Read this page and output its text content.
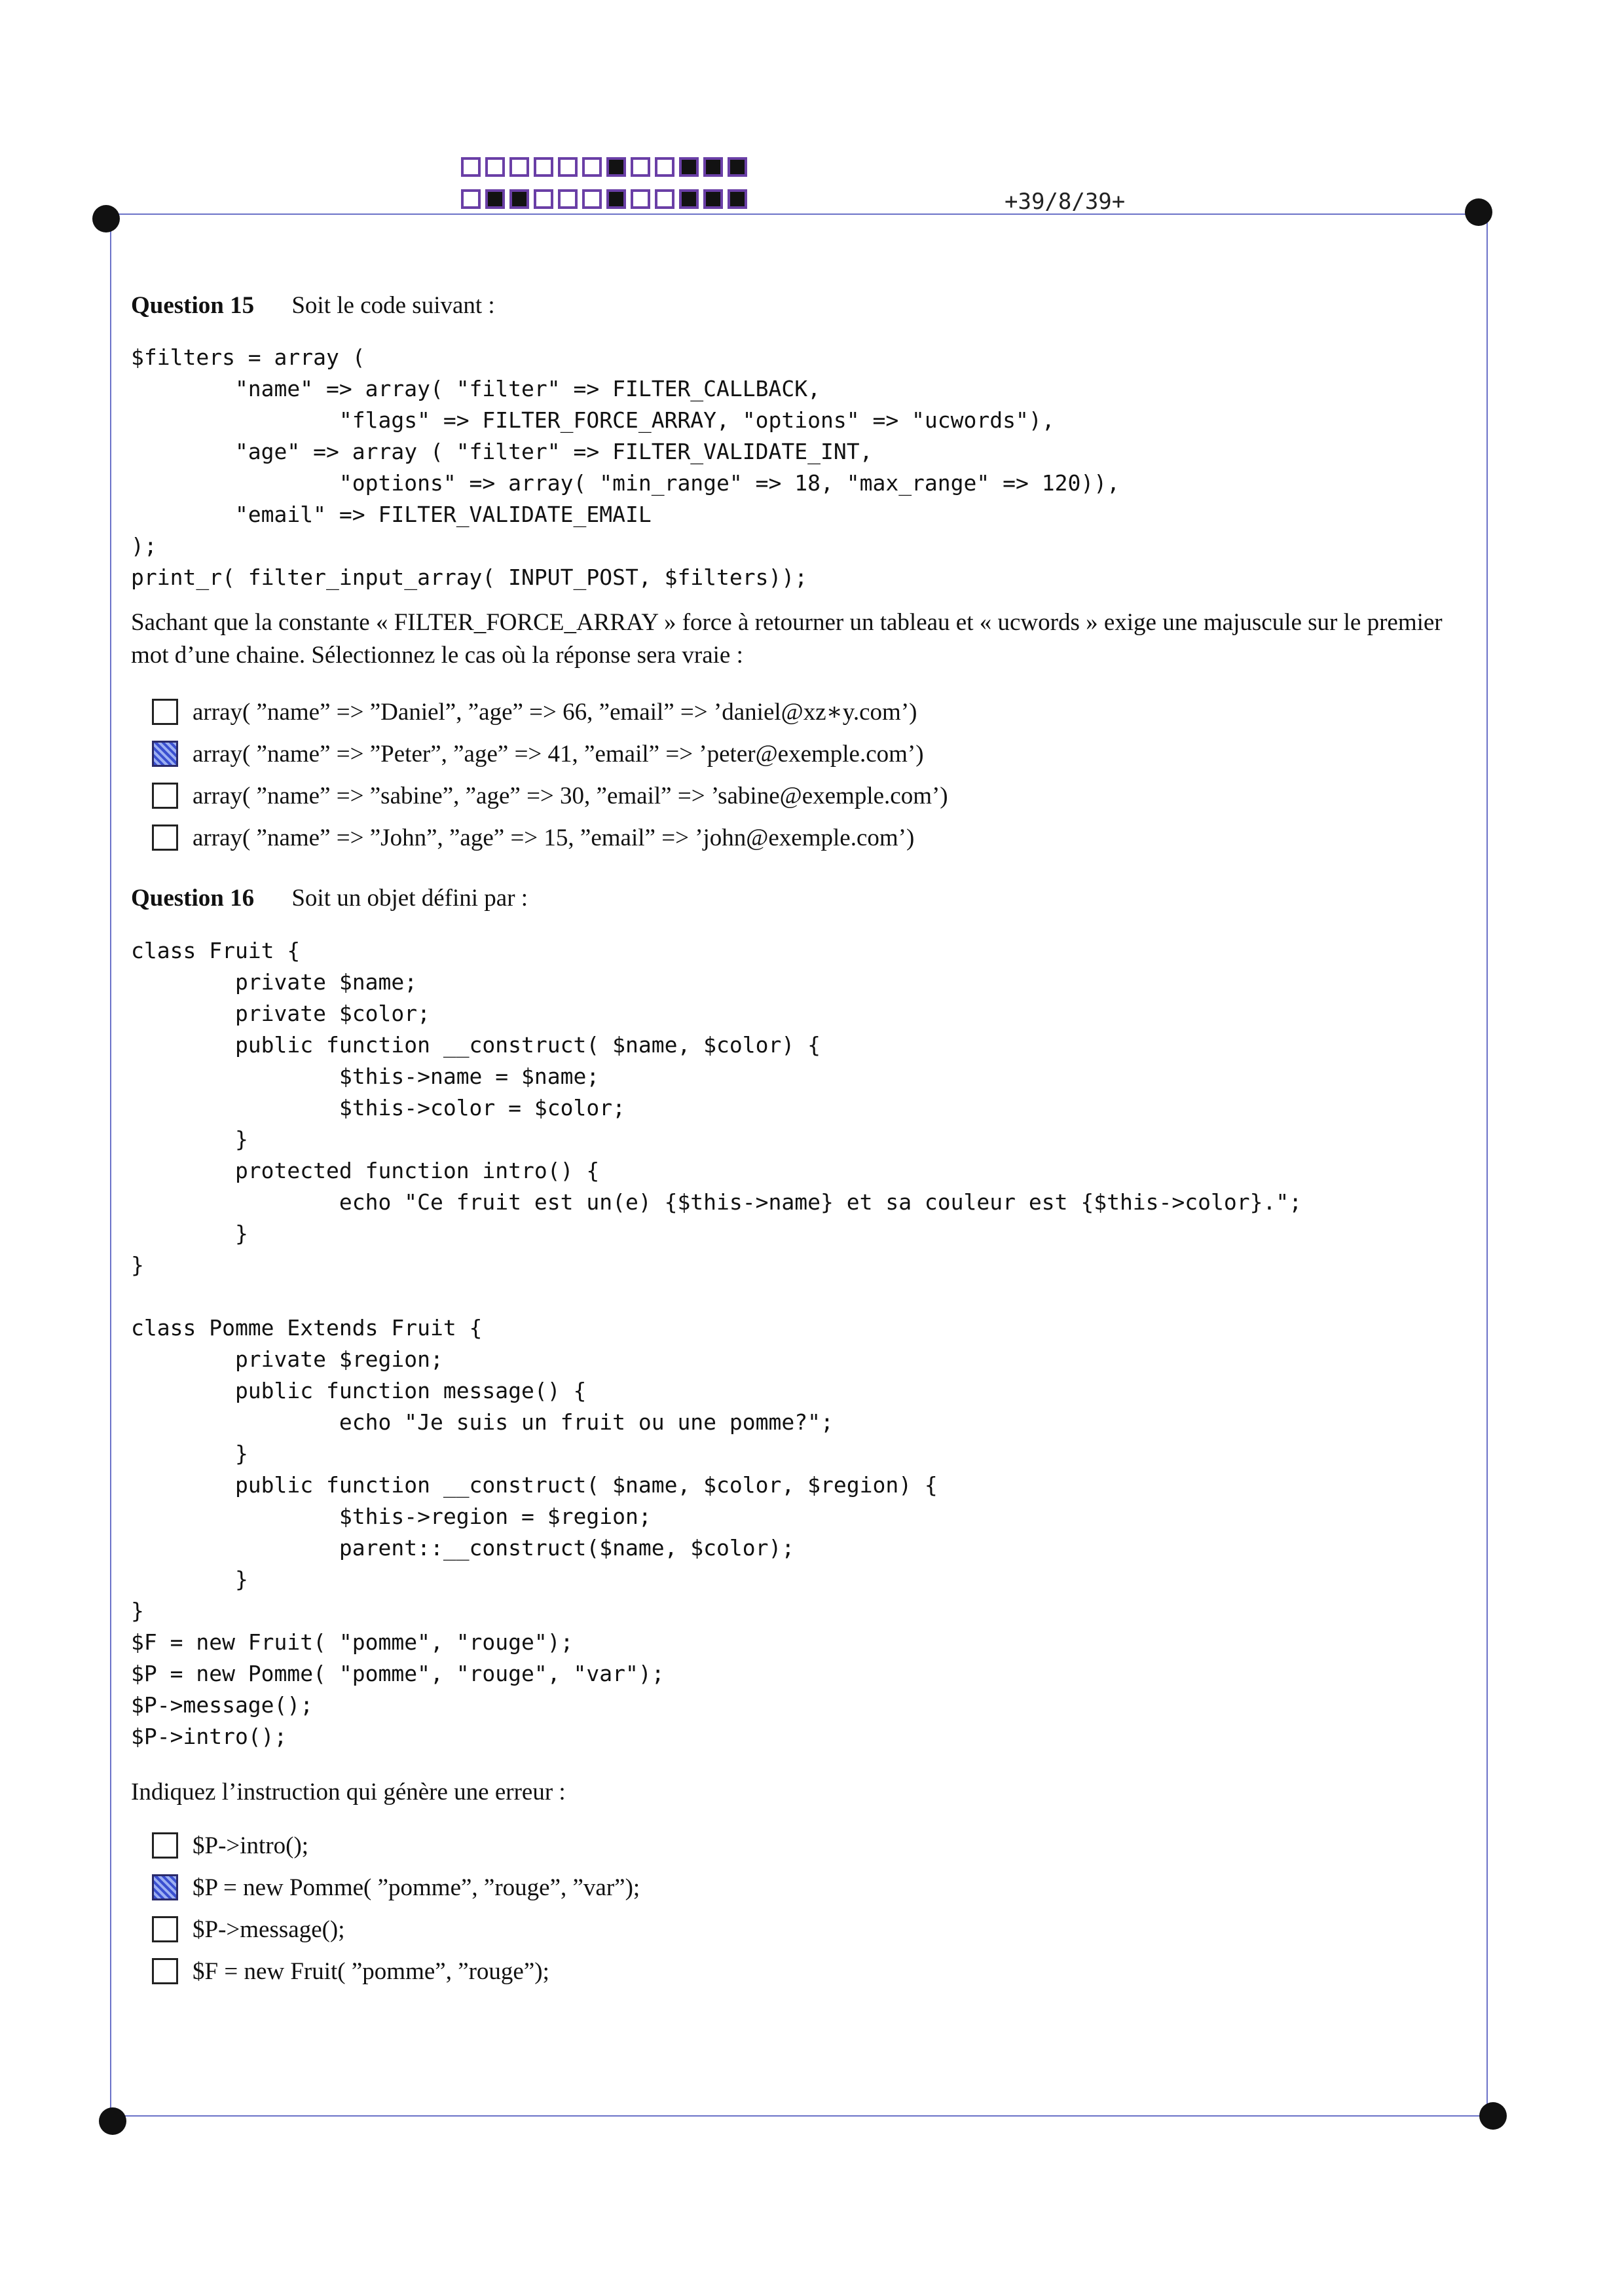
+39/8/39+
Question 15 Soit le code suivant :
$filters = array (
"name" => array( "filter" => FILTER_CALLBACK,
"flags" => FILTER_FORCE_ARRAY, "options" => "ucwords"),
"age" => array ( "filter" => FILTER_VALIDATE_INT,
"options" => array( "min_range" => 18, "max_range" => 120)),
"email" => FILTER_VALIDATE_EMAIL
);
print_r( filter_input_array( INPUT_POST, $filters));
Sachant que la constante « FILTER_FORCE_ARRAY » force à retourner un tableau et « ucwords » exige une majuscule sur le premier mot d’une chaine. Sélectionnez le cas où la réponse sera vraie :
array( ”name” => ”Daniel”, ”age” => 66, ”email” => ’daniel@xz∗y.com’)
array( ”name” => ”Peter”, ”age” => 41, ”email” => ’peter@exemple.com’)
array( ”name” => ”sabine”, ”age” => 30, ”email” => ’sabine@exemple.com’)
array( ”name” => ”John”, ”age” => 15, ”email” => ’john@exemple.com’)
Question 16 Soit un objet défini par :
class Fruit {
private $name;
private $color;
public function __construct( $name, $color) {
$this->name = $name;
$this->color = $color;
}
protected function intro() {
echo "Ce fruit est un(e) {$this->name} et sa couleur est {$this->color}.";
}
}

class Pomme Extends Fruit {
private $region;
public function message() {
echo "Je suis un fruit ou une pomme?";
}
public function __construct( $name, $color, $region) {
$this->region = $region;
parent::__construct($name, $color);
}
}
$F = new Fruit( "pomme", "rouge");
$P = new Pomme( "pomme", "rouge", "var");
$P->message();
$P->intro();
Indiquez l’instruction qui génère une erreur :
$P->intro();
$P = new Pomme( ”pomme”, ”rouge”, ”var”);
$P->message();
$F = new Fruit( ”pomme”, ”rouge”);
